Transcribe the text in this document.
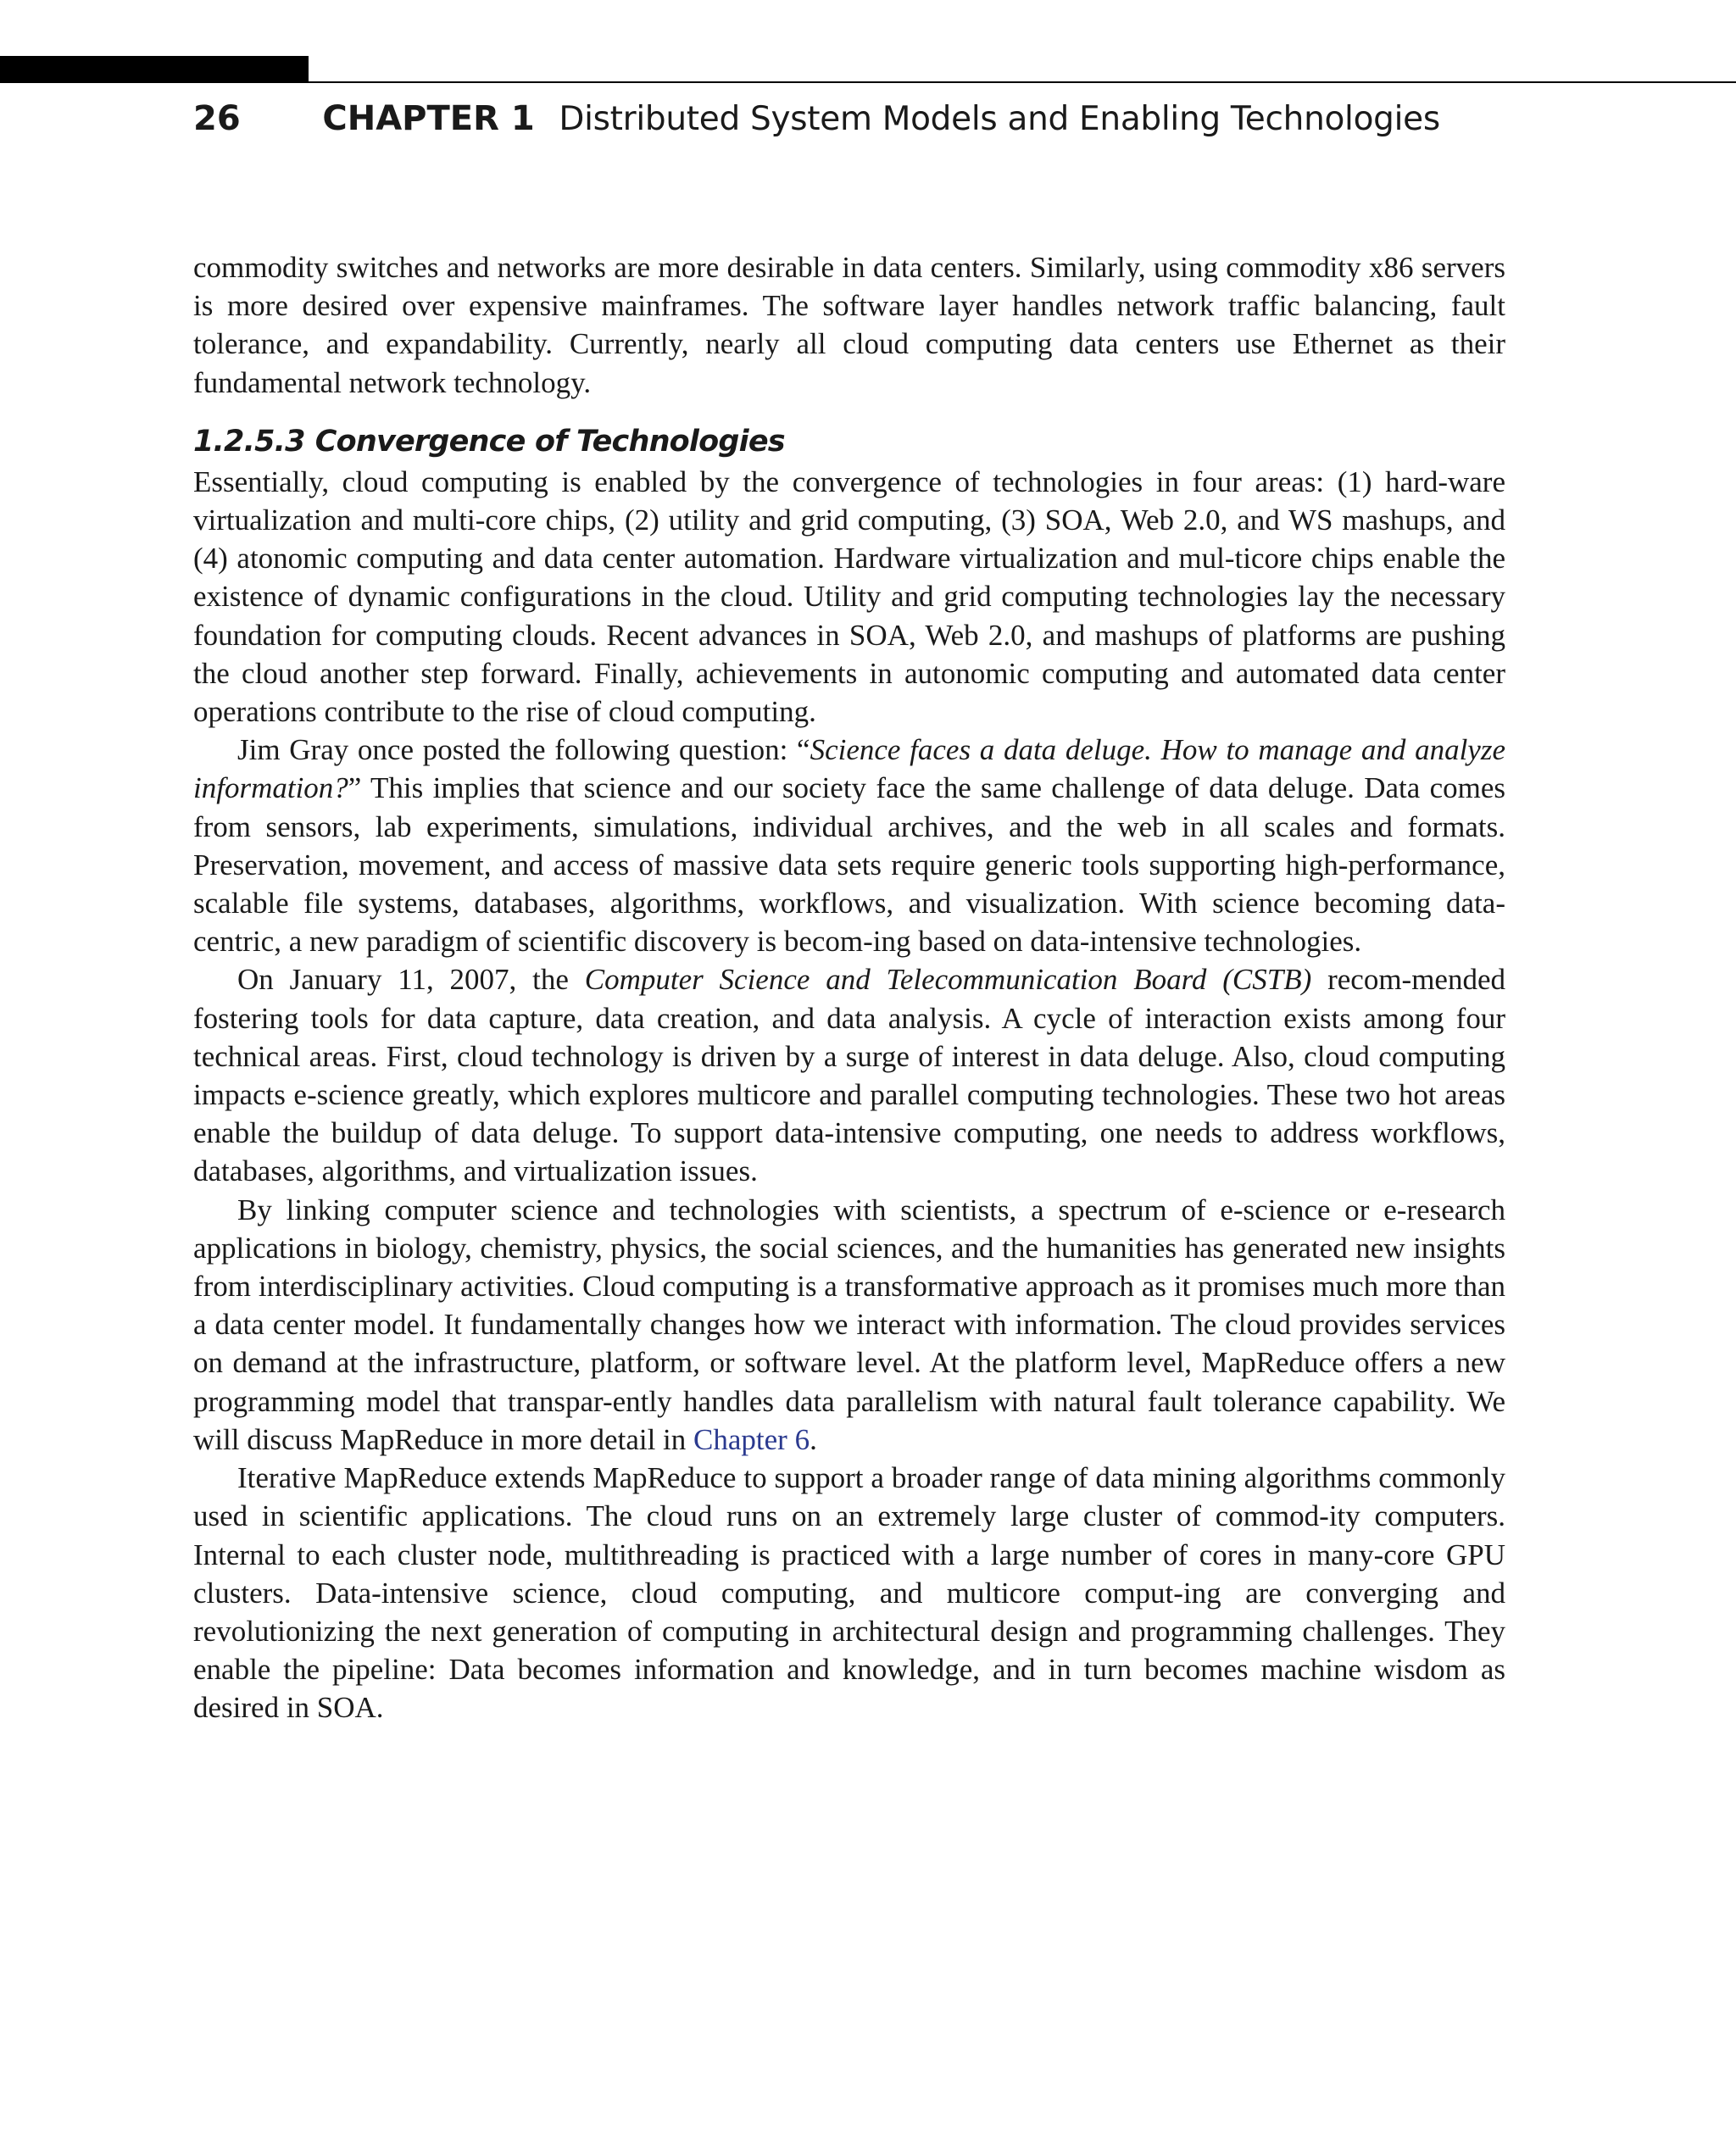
26 CHAPTER 1 Distributed System Models and Enabling Technologies

commodity switches and networks are more desirable in data centers. Similarly, using commodity x86 servers is more desired over expensive mainframes. The software layer handles network traffic balancing, fault tolerance, and expandability. Currently, nearly all cloud computing data centers use Ethernet as their fundamental network technology.

1.2.5.3 Convergence of Technologies

Essentially, cloud computing is enabled by the convergence of technologies in four areas: (1) hard-ware virtualization and multi-core chips, (2) utility and grid computing, (3) SOA, Web 2.0, and WS mashups, and (4) atonomic computing and data center automation. Hardware virtualization and mul-ticore chips enable the existence of dynamic configurations in the cloud. Utility and grid computing technologies lay the necessary foundation for computing clouds. Recent advances in SOA, Web 2.0, and mashups of platforms are pushing the cloud another step forward. Finally, achievements in autonomic computing and automated data center operations contribute to the rise of cloud computing.

Jim Gray once posted the following question: “Science faces a data deluge. How to manage and analyze information?” This implies that science and our society face the same challenge of data deluge. Data comes from sensors, lab experiments, simulations, individual archives, and the web in all scales and formats. Preservation, movement, and access of massive data sets require generic tools supporting high-performance, scalable file systems, databases, algorithms, workflows, and visualization. With science becoming data-centric, a new paradigm of scientific discovery is becom-ing based on data-intensive technologies.

On January 11, 2007, the Computer Science and Telecommunication Board (CSTB) recom-mended fostering tools for data capture, data creation, and data analysis. A cycle of interaction exists among four technical areas. First, cloud technology is driven by a surge of interest in data deluge. Also, cloud computing impacts e-science greatly, which explores multicore and parallel computing technologies. These two hot areas enable the buildup of data deluge. To support data-intensive computing, one needs to address workflows, databases, algorithms, and virtualization issues.

By linking computer science and technologies with scientists, a spectrum of e-science or e-research applications in biology, chemistry, physics, the social sciences, and the humanities has generated new insights from interdisciplinary activities. Cloud computing is a transformative approach as it promises much more than a data center model. It fundamentally changes how we interact with information. The cloud provides services on demand at the infrastructure, platform, or software level. At the platform level, MapReduce offers a new programming model that transpar-ently handles data parallelism with natural fault tolerance capability. We will discuss MapReduce in more detail in Chapter 6.

Iterative MapReduce extends MapReduce to support a broader range of data mining algorithms commonly used in scientific applications. The cloud runs on an extremely large cluster of commod-ity computers. Internal to each cluster node, multithreading is practiced with a large number of cores in many-core GPU clusters. Data-intensive science, cloud computing, and multicore comput-ing are converging and revolutionizing the next generation of computing in architectural design and programming challenges. They enable the pipeline: Data becomes information and knowledge, and in turn becomes machine wisdom as desired in SOA.
